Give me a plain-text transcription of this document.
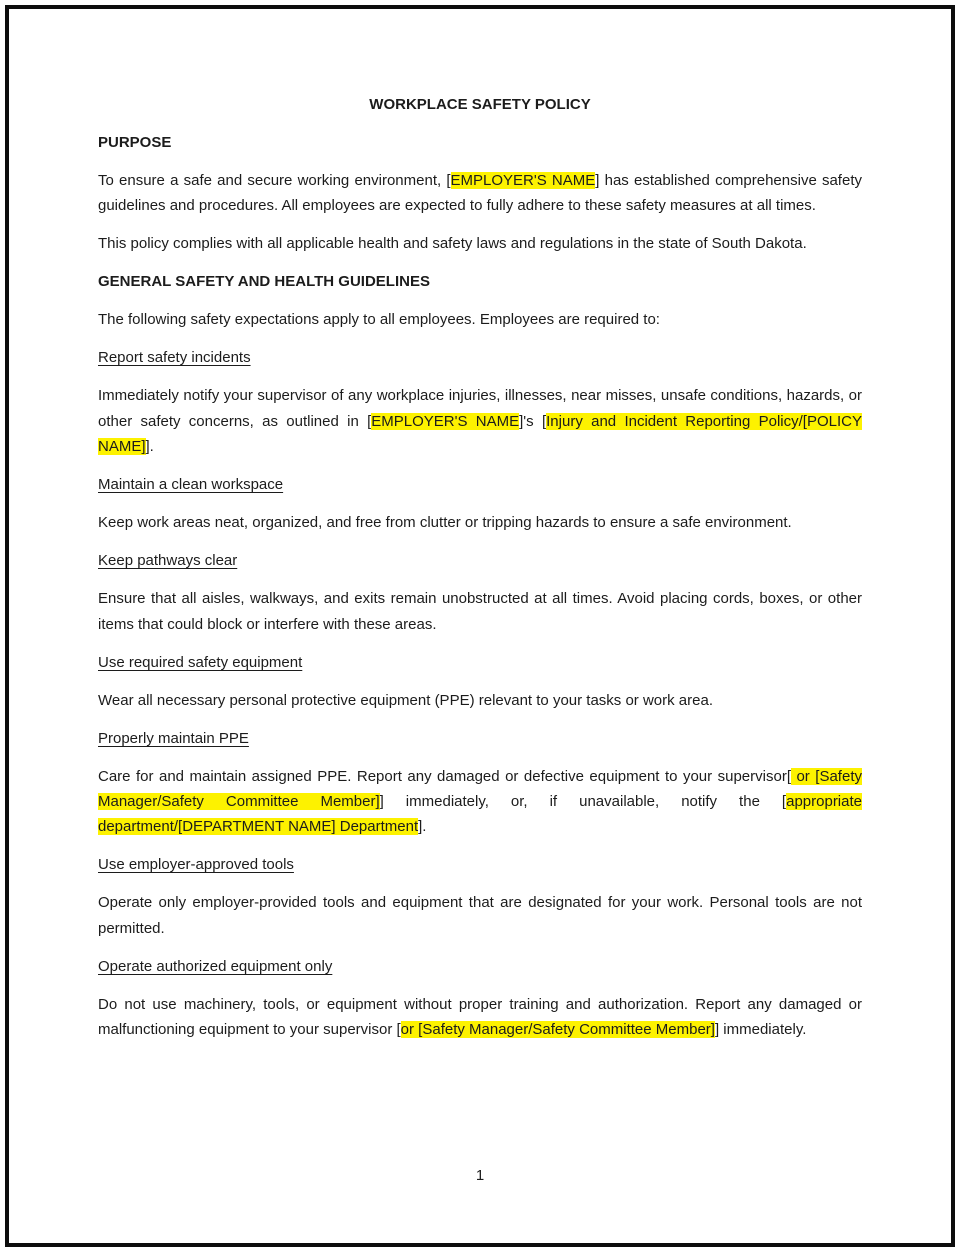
WORKPLACE SAFETY POLICY
PURPOSE

To ensure a safe and secure working environment, [EMPLOYER'S NAME] has established comprehensive safety guidelines and procedures. All employees are expected to fully adhere to these safety measures at all times.

This policy complies with all applicable health and safety laws and regulations in the state of South Dakota.

GENERAL SAFETY AND HEALTH GUIDELINES

The following safety expectations apply to all employees. Employees are required to:

Report safety incidents

Immediately notify your supervisor of any workplace injuries, illnesses, near misses, unsafe conditions, hazards, or other safety concerns, as outlined in [EMPLOYER'S NAME]'s [Injury and Incident Reporting Policy/[POLICY NAME]].

Maintain a clean workspace

Keep work areas neat, organized, and free from clutter or tripping hazards to ensure a safe environment.

Keep pathways clear

Ensure that all aisles, walkways, and exits remain unobstructed at all times. Avoid placing cords, boxes, or other items that could block or interfere with these areas.

Use required safety equipment

Wear all necessary personal protective equipment (PPE) relevant to your tasks or work area.

Properly maintain PPE

Care for and maintain assigned PPE. Report any damaged or defective equipment to your supervisor[ or [Safety Manager/Safety Committee Member]] immediately, or, if unavailable, notify the [appropriate department/[DEPARTMENT NAME] Department].

Use employer-approved tools

Operate only employer-provided tools and equipment that are designated for your work. Personal tools are not permitted.

Operate authorized equipment only

Do not use machinery, tools, or equipment without proper training and authorization. Report any damaged or malfunctioning equipment to your supervisor [or [Safety Manager/Safety Committee Member]] immediately.

1
